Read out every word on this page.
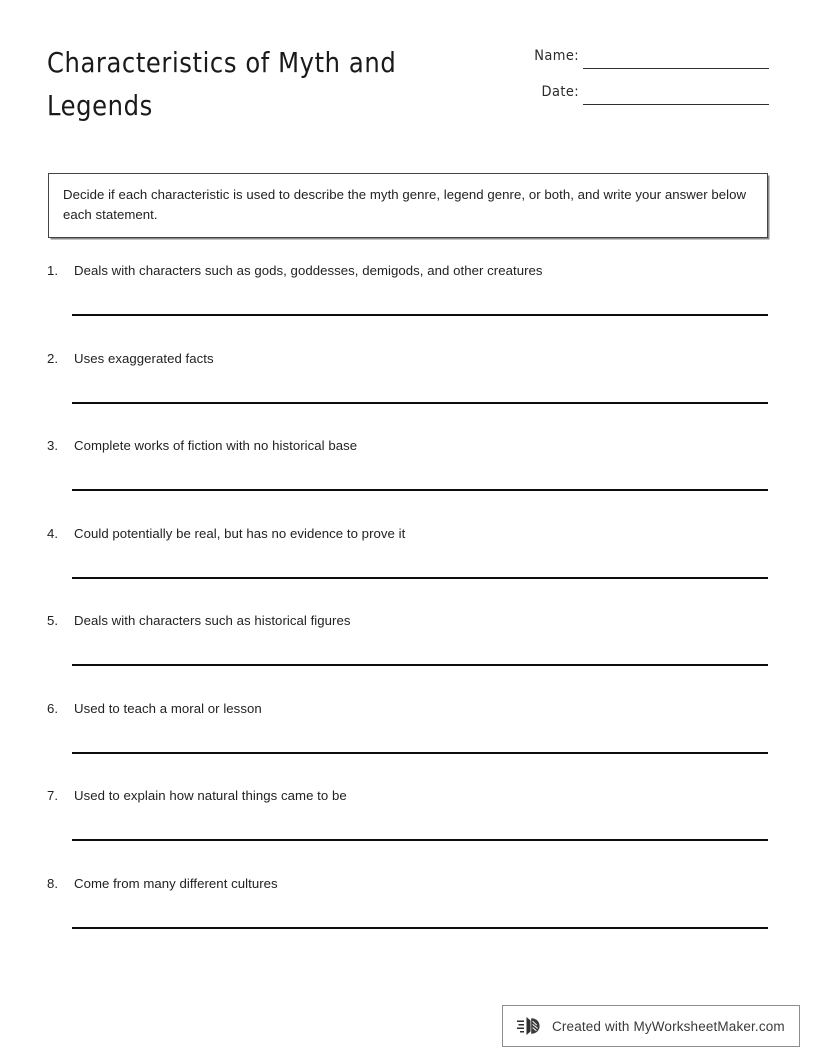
Characteristics of Myth and
Legends
Name:
Date:

Decide if each characteristic is used to describe the myth genre, legend genre, or both, and write your answer below each statement.

1.	Deals with characters such as gods, goddesses, demigods, and other creatures
2.	Uses exaggerated facts
3.	Complete works of fiction with no historical base
4.	Could potentially be real, but has no evidence to prove it
5.	Deals with characters such as historical figures
6.	Used to teach a moral or lesson
7.	Used to explain how natural things came to be
8.	Come from many different cultures
Created with MyWorksheetMaker.com
